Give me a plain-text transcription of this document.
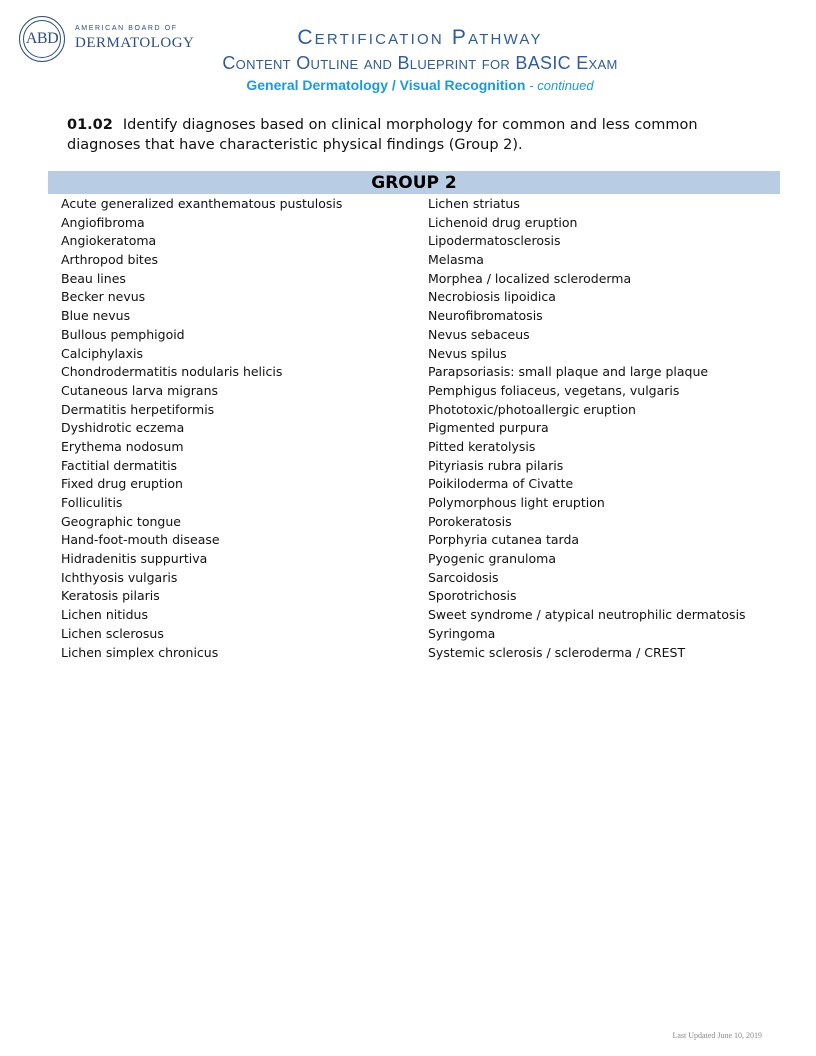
ABD
AMERICAN BOARD OF
DERMATOLOGY	Certification Pathway
Content Outline and Blueprint for BASIC Exam
General Dermatology / Visual Recognition - continued
01.02 Identify diagnoses based on clinical morphology for common and less common diagnoses that have characteristic physical findings (Group 2).
GROUP 2
Acute generalized exanthematous pustulosis
Angiofibroma
Angiokeratoma
Arthropod bites
Beau lines
Becker nevus
Blue nevus
Bullous pemphigoid
Calciphylaxis
Chondrodermatitis nodularis helicis
Cutaneous larva migrans
Dermatitis herpetiformis
Dyshidrotic eczema
Erythema nodosum
Factitial dermatitis
Fixed drug eruption
Folliculitis
Geographic tongue
Hand-foot-mouth disease
Hidradenitis suppurtiva
Ichthyosis vulgaris
Keratosis pilaris
Lichen nitidus
Lichen sclerosus
Lichen simplex chronicus
Lichen striatus
Lichenoid drug eruption
Lipodermatosclerosis
Melasma
Morphea / localized scleroderma
Necrobiosis lipoidica
Neurofibromatosis
Nevus sebaceus
Nevus spilus
Parapsoriasis: small plaque and large plaque
Pemphigus foliaceus, vegetans, vulgaris
Phototoxic/photoallergic eruption
Pigmented purpura
Pitted keratolysis
Pityriasis rubra pilaris
Poikiloderma of Civatte
Polymorphous light eruption
Porokeratosis
Porphyria cutanea tarda
Pyogenic granuloma
Sarcoidosis
Sporotrichosis
Sweet syndrome / atypical neutrophilic dermatosis
Syringoma
Systemic sclerosis / scleroderma / CREST
Last Updated June 10, 2019
